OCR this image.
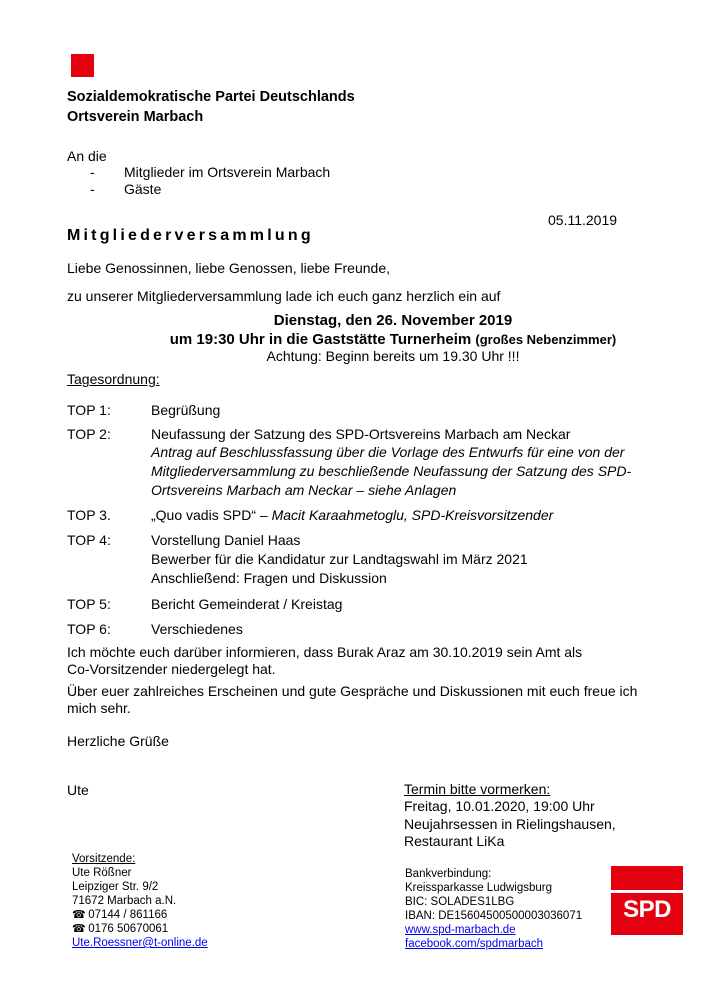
Sozialdemokratische Partei Deutschlands
Ortsverein Marbach
An die
- Mitglieder im Ortsverein Marbach
- Gäste
05.11.2019
Mitgliederversammlung
Liebe Genossinnen, liebe Genossen, liebe Freunde,
zu unserer Mitgliederversammlung lade ich euch ganz herzlich ein auf
Dienstag, den 26. November 2019
um 19:30 Uhr in die Gaststätte Turnerheim (großes Nebenzimmer)
Achtung: Beginn bereits um 19.30 Uhr !!!
Tagesordnung:
TOP 1:	Begrüßung
TOP 2:	Neufassung der Satzung des SPD-Ortsvereins Marbach am Neckar
Antrag auf Beschlussfassung über die Vorlage des Entwurfs für eine von der
Mitgliederversammlung zu beschließende Neufassung der Satzung des SPD-
Ortsvereins Marbach am Neckar – siehe Anlagen
TOP 3.	„Quo vadis SPD“ – Macit Karaahmetoglu, SPD-Kreisvorsitzender
TOP 4:	Vorstellung Daniel Haas
Bewerber für die Kandidatur zur Landtagswahl im März 2021
Anschließend: Fragen und Diskussion
TOP 5:	Bericht Gemeinderat / Kreistag
TOP 6:	Verschiedenes
Ich möchte euch darüber informieren, dass Burak Araz am 30.10.2019 sein Amt als
Co-Vorsitzender niedergelegt hat.
Über euer zahlreiches Erscheinen und gute Gespräche und Diskussionen mit euch freue ich
mich sehr.
Herzliche Grüße
Ute	Termin bitte vormerken:
Freitag, 10.01.2020, 19:00 Uhr
Neujahrsessen in Rielingshausen,
Restaurant LiKa
Vorsitzende:
Ute Rößner
Leipziger Str. 9/2
71672 Marbach a.N.
☎ 07144 / 861166
☎ 0176 50670061
Ute.Roessner@t-online.de
Bankverbindung:
Kreissparkasse Ludwigsburg
BIC: SOLADES1LBG
IBAN: DE15604500500003036071
www.spd-marbach.de
facebook.com/spdmarbach
SPD
